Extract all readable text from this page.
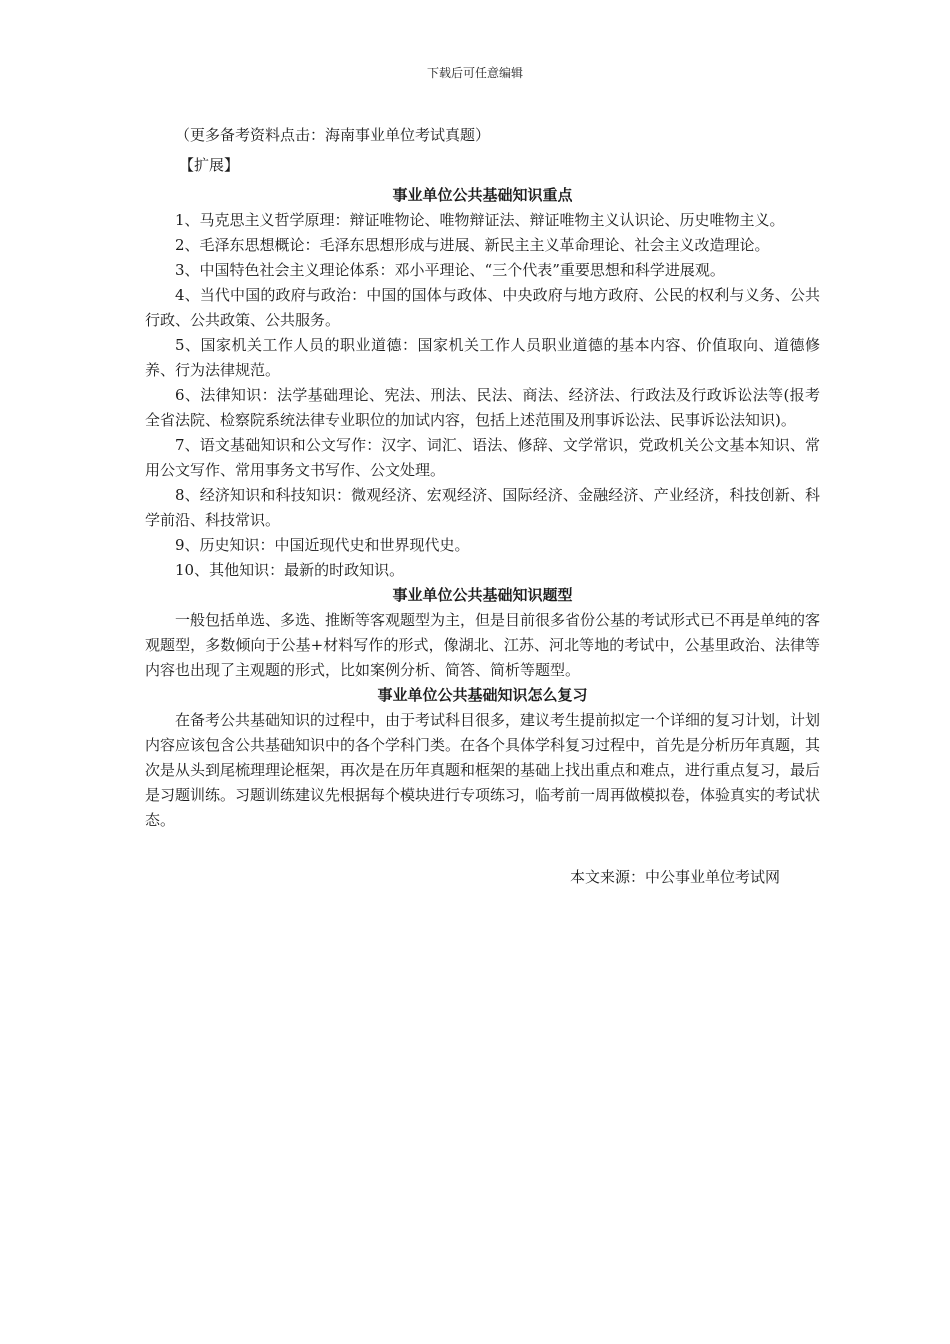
下载后可任意编辑

（更多备考资料点击：海南事业单位考试真题）

【扩展】

事业单位公共基础知识重点

1、马克思主义哲学原理：辩证唯物论、唯物辩证法、辩证唯物主义认识论、历史唯物主义。

2、毛泽东思想概论：毛泽东思想形成与进展、新民主主义革命理论、社会主义改造理论。

3、中国特色社会主义理论体系：邓小平理论、“三个代表”重要思想和科学进展观。

4、当代中国的政府与政治：中国的国体与政体、中央政府与地方政府、公民的权利与义务、公共行政、公共政策、公共服务。

5、国家机关工作人员的职业道德：国家机关工作人员职业道德的基本内容、价值取向、道德修养、行为法律规范。

6、法律知识：法学基础理论、宪法、刑法、民法、商法、经济法、行政法及行政诉讼法等(报考全省法院、检察院系统法律专业职位的加试内容，包括上述范围及刑事诉讼法、民事诉讼法知识)。

7、语文基础知识和公文写作：汉字、词汇、语法、修辞、文学常识，党政机关公文基本知识、常用公文写作、常用事务文书写作、公文处理。

8、经济知识和科技知识：微观经济、宏观经济、国际经济、金融经济、产业经济，科技创新、科学前沿、科技常识。

9、历史知识：中国近现代史和世界现代史。

10、其他知识：最新的时政知识。

事业单位公共基础知识题型

一般包括单选、多选、推断等客观题型为主，但是目前很多省份公基的考试形式已不再是单纯的客观题型，多数倾向于公基+材料写作的形式，像湖北、江苏、河北等地的考试中，公基里政治、法律等内容也出现了主观题的形式，比如案例分析、简答、简析等题型。

事业单位公共基础知识怎么复习

在备考公共基础知识的过程中，由于考试科目很多，建议考生提前拟定一个详细的复习计划，计划内容应该包含公共基础知识中的各个学科门类。在各个具体学科复习过程中，首先是分析历年真题，其次是从头到尾梳理理论框架，再次是在历年真题和框架的基础上找出重点和难点，进行重点复习，最后是习题训练。习题训练建议先根据每个模块进行专项练习，临考前一周再做模拟卷，体验真实的考试状态。

本文来源：中公事业单位考试网
